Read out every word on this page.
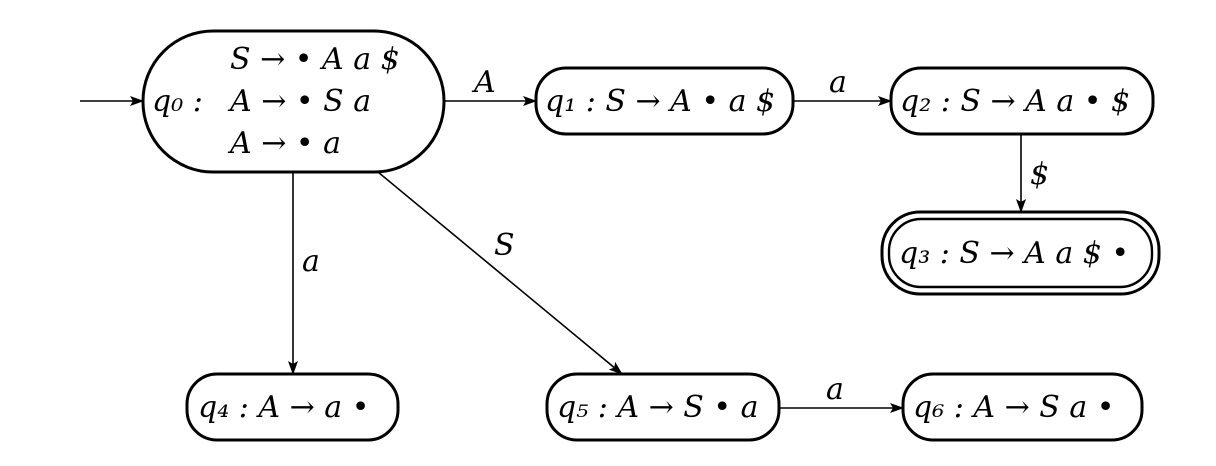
A	a
$
a	S
a
q₀ :
S → • A a $
A → • S a
A → • a
q₁ : S → A • a $	q₂ : S → A a • $
q₃ : S → A a $ •
q₄ : A → a •	q₅ : A → S • a	q₆ : A → S a •
